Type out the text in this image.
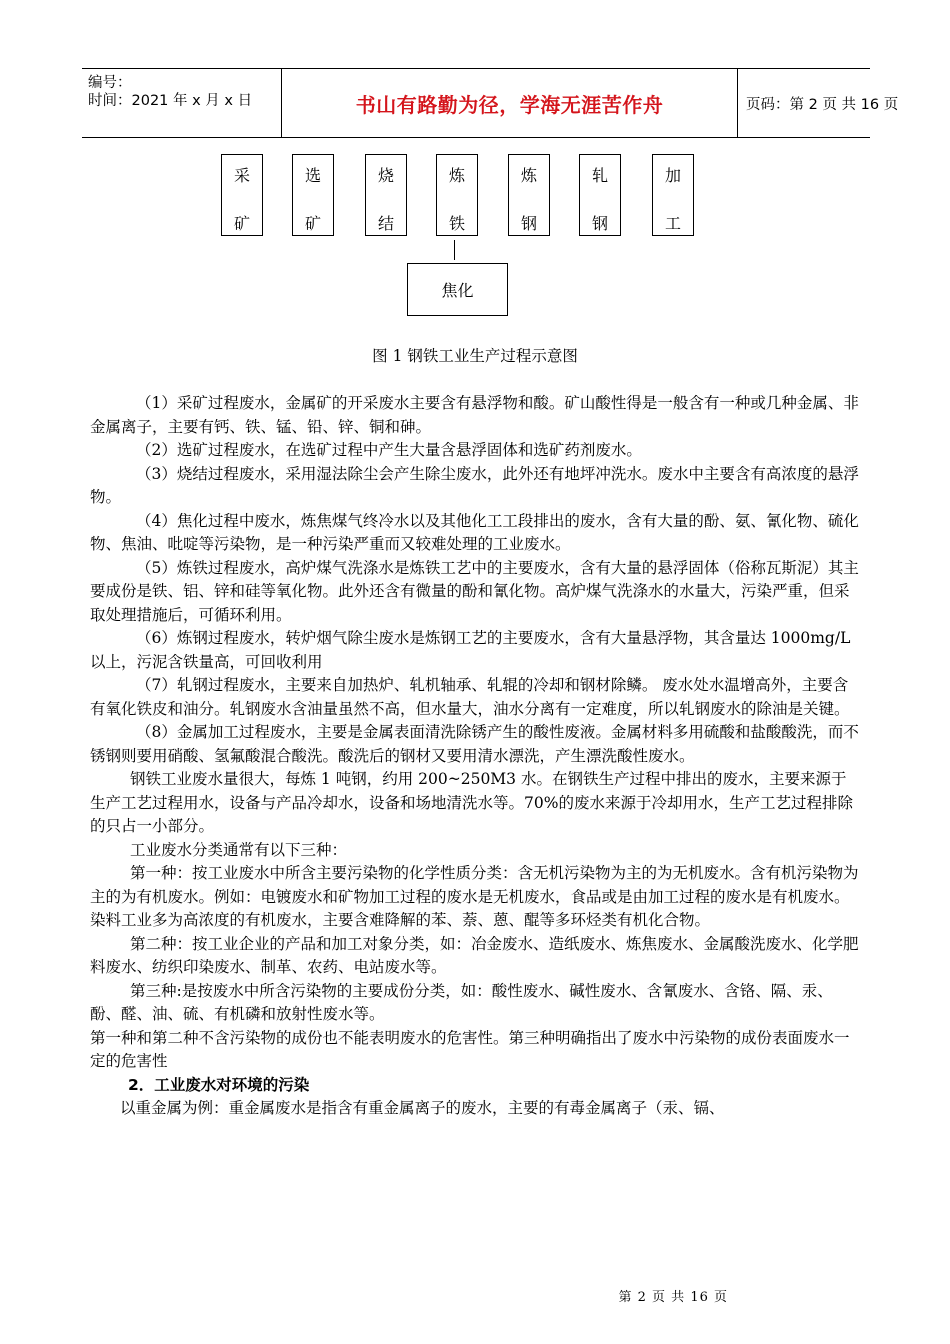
编号：
时间：2021 年 x 月 x 日	书山有路勤为径，学海无涯苦作舟	页码：第 2 页 共 16 页
采
矿
选
矿
烧
结
炼
铁
炼
钢
轧
钢
加
工
焦化
图 1 钢铁工业生产过程示意图

（1）采矿过程废水，金属矿的开采废水主要含有悬浮物和酸。矿山酸性得是一般含有一种或几种金属、非金属离子，主要有钙、铁、锰、铅、锌、铜和砷。

（2）选矿过程废水，在选矿过程中产生大量含悬浮固体和选矿药剂废水。

（3）烧结过程废水，采用湿法除尘会产生除尘废水，此外还有地坪冲洗水。废水中主要含有高浓度的悬浮物。

（4）焦化过程中废水，炼焦煤气终冷水以及其他化工工段排出的废水，含有大量的酚、氨、氰化物、硫化物、焦油、吡啶等污染物，是一种污染严重而又较难处理的工业废水。

（5）炼铁过程废水，高炉煤气洗涤水是炼铁工艺中的主要废水，含有大量的悬浮固体（俗称瓦斯泥）其主要成份是铁、铝、锌和硅等氧化物。此外还含有微量的酚和氰化物。高炉煤气洗涤水的水量大，污染严重，但采取处理措施后，可循环利用。

（6）炼钢过程废水，转炉烟气除尘废水是炼钢工艺的主要废水，含有大量悬浮物，其含量达 1000mg/L 以上，污泥含铁量高，可回收利用

（7）轧钢过程废水，主要来自加热炉、轧机轴承、轧辊的冷却和钢材除鳞。 废水处水温增高外，主要含有氧化铁皮和油分。轧钢废水含油量虽然不高，但水量大，油水分离有一定难度，所以轧钢废水的除油是关键。

（8）金属加工过程废水，主要是金属表面清洗除锈产生的酸性废液。金属材料多用硫酸和盐酸酸洗，而不锈钢则要用硝酸、氢氟酸混合酸洗。酸洗后的钢材又要用清水漂洗，产生漂洗酸性废水。

钢铁工业废水量很大，每炼 1 吨钢，约用 200~250M3 水。在钢铁生产过程中排出的废水，主要来源于生产工艺过程用水，设备与产品冷却水，设备和场地清洗水等。70%的废水来源于冷却用水，生产工艺过程排除的只占一小部分。

工业废水分类通常有以下三种：

第一种：按工业废水中所含主要污染物的化学性质分类：含无机污染物为主的为无机废水。含有机污染物为主的为有机废水。例如：电镀废水和矿物加工过程的废水是无机废水，食品或是由加工过程的废水是有机废水。染料工业多为高浓度的有机废水，主要含难降解的苯、萘、蒽、醌等多环烃类有机化合物。

第二种：按工业企业的产品和加工对象分类，如：冶金废水、造纸废水、炼焦废水、金属酸洗废水、化学肥料废水、纺织印染废水、制革、农药、电站废水等。

第三种:是按废水中所含污染物的主要成份分类，如：酸性废水、碱性废水、含氰废水、含铬、隔、汞、酚、醛、油、硫、有机磷和放射性废水等。

第一种和第二种不含污染物的成份也不能表明废水的危害性。第三种明确指出了废水中污染物的成份表面废水一定的危害性

2．工业废水对环境的污染

以重金属为例：重金属废水是指含有重金属离子的废水，主要的有毒金属离子（汞、镉、

第 2 页 共 16 页
